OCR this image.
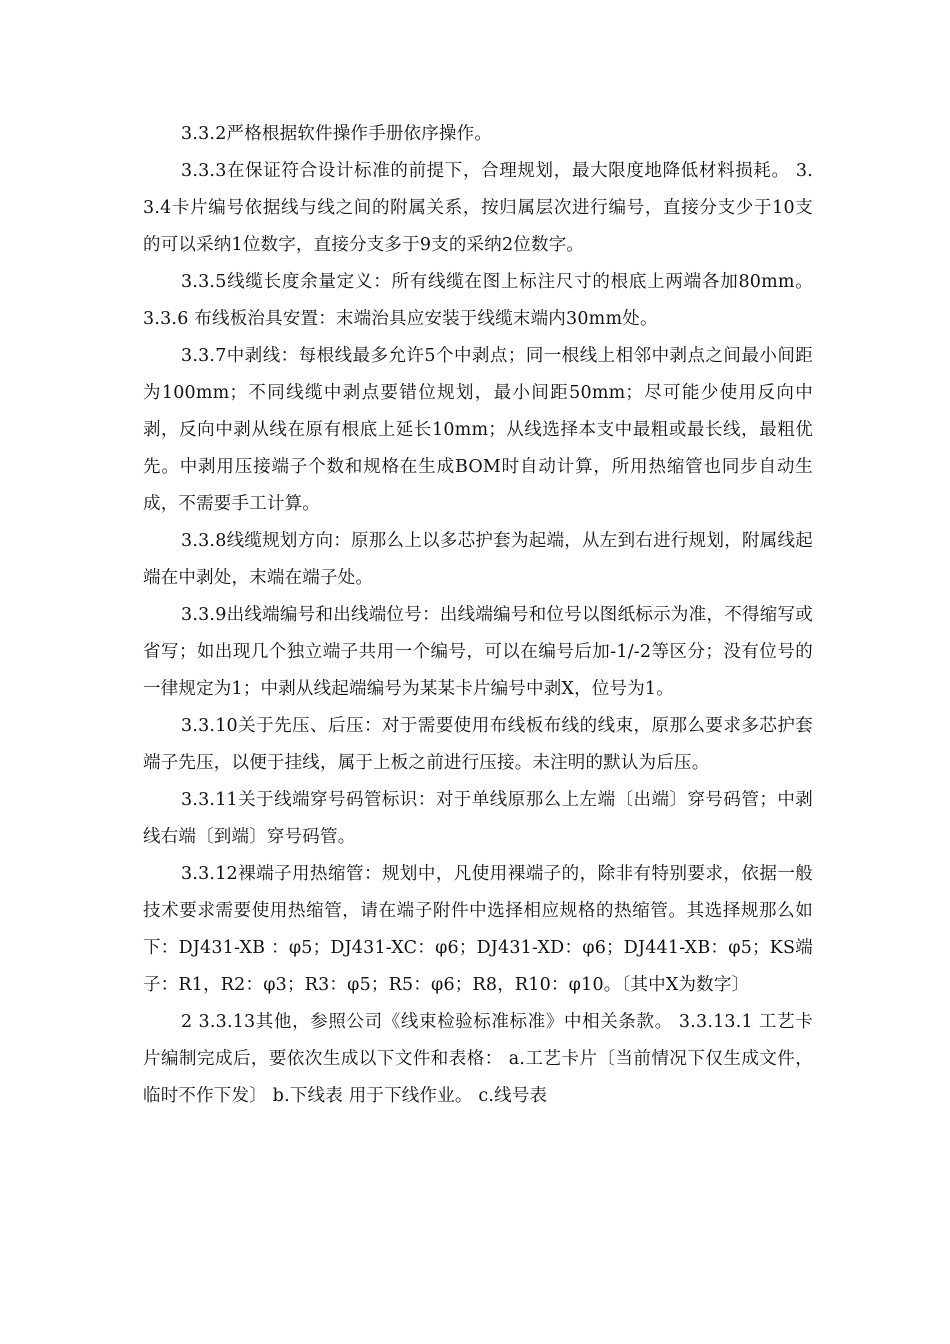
3.3.2严格根据软件操作手册依序操作。

3.3.3在保证符合设计标准的前提下，合理规划，最大限度地降低材料损耗。 3.3.4卡片编号依据线与线之间的附属关系，按归属层次进行编号，直接分支少于10支的可以采纳1位数字，直接分支多于9支的采纳2位数字。

3.3.5线缆长度余量定义：所有线缆在图上标注尺寸的根底上两端各加80mm。 3.3.6 布线板治具安置：末端治具应安装于线缆末端内30mm处。

3.3.7中剥线：每根线最多允许5个中剥点；同一根线上相邻中剥点之间最小间距为100mm；不同线缆中剥点要错位规划，最小间距50mm；尽可能少使用反向中剥，反向中剥从线在原有根底上延长10mm；从线选择本支中最粗或最长线，最粗优先。中剥用压接端子个数和规格在生成BOM时自动计算，所用热缩管也同步自动生成，不需要手工计算。

3.3.8线缆规划方向：原那么上以多芯护套为起端，从左到右进行规划，附属线起端在中剥处，末端在端子处。

3.3.9出线端编号和出线端位号：出线端编号和位号以图纸标示为准，不得缩写或省写；如出现几个独立端子共用一个编号，可以在编号后加-1/-2等区分；没有位号的一律规定为1；中剥从线起端编号为某某卡片编号中剥X，位号为1。

3.3.10关于先压、后压：对于需要使用布线板布线的线束，原那么要求多芯护套端子先压，以便于挂线，属于上板之前进行压接。未注明的默认为后压。

3.3.11关于线端穿号码管标识：对于单线原那么上左端〔出端〕穿号码管；中剥线右端〔到端〕穿号码管。

3.3.12裸端子用热缩管：规划中，凡使用裸端子的，除非有特别要求，依据一般技术要求需要使用热缩管，请在端子附件中选择相应规格的热缩管。其选择规那么如下：DJ431-XB ：φ5；DJ431-XC：φ6；DJ431-XD：φ6；DJ441-XB：φ5；KS端子：R1，R2：φ3；R3：φ5；R5：φ6；R8，R10：φ10。〔其中X为数字〕

2 3.3.13其他，参照公司《线束检验标准标准》中相关条款。 3.3.13.1 工艺卡片编制完成后，要依次生成以下文件和表格： a.工艺卡片〔当前情况下仅生成文件，临时不作下发〕 b.下线表 用于下线作业。 c.线号表
